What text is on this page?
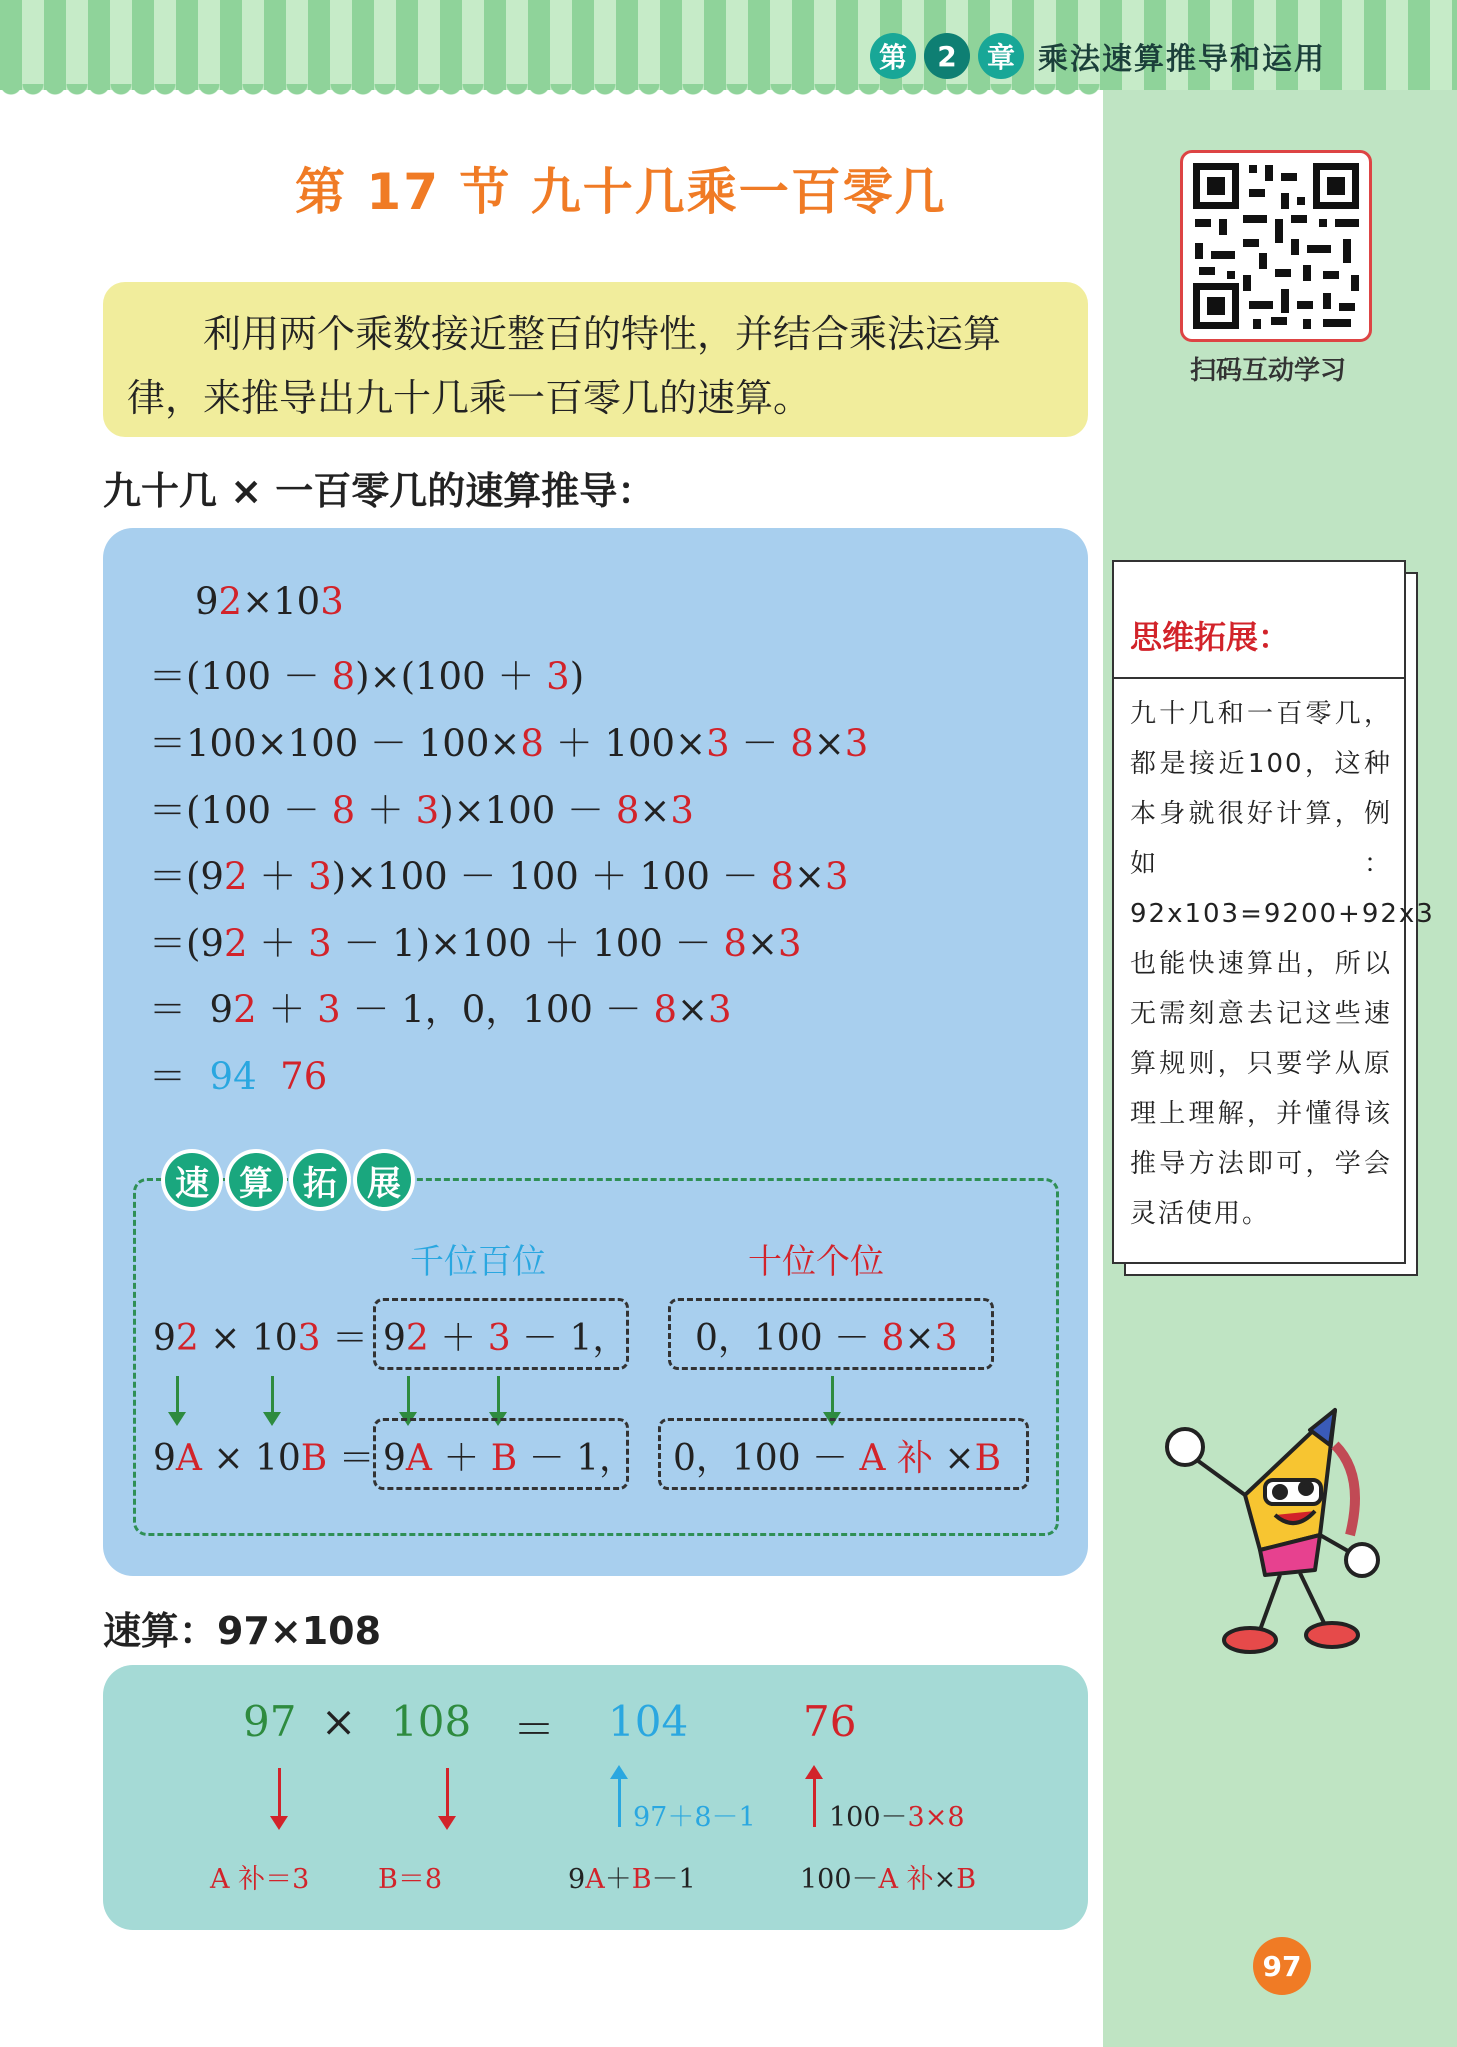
第	2	章 乘法速算推导和运用
第 17 节 九十几乘一百零几
利用两个乘数接近整百的特性，并结合乘法运算律，来推导出九十几乘一百零几的速算。
九十几 × 一百零几的速算推导：
92×103
＝(100 － 8)×(100 ＋ 3)
＝100×100 － 100×8 ＋ 100×3 － 8×3
＝(100 － 8 ＋ 3)×100 － 8×3
＝(92 ＋ 3)×100 － 100 ＋ 100 － 8×3
＝(92 ＋ 3 － 1)×100 ＋ 100 － 8×3
＝  92 ＋ 3 － 1，0，100 － 8×3
＝  94 76
速 算 拓 展
千位百位	十位个位
92 × 103 ＝ 92 ＋ 3 － 1， 0，100 － 8×3
9A × 10B ＝ 9A ＋ B － 1， 0，100 － A 补 ×B
速算：97×108
97 × 108 ＝ 104	76
97＋8－1	100－3×8
A 补＝3	B＝8	9A＋B－1	100－A 补×B
扫码互动学习
思维拓展：
九十几和一百零几，都是接近100，这种本身就很好计算，例如：92x103=9200+92x3也能快速算出，所以无需刻意去记这些速算规则，只要学从原理上理解，并懂得该推导方法即可，学会灵活使用。
97
